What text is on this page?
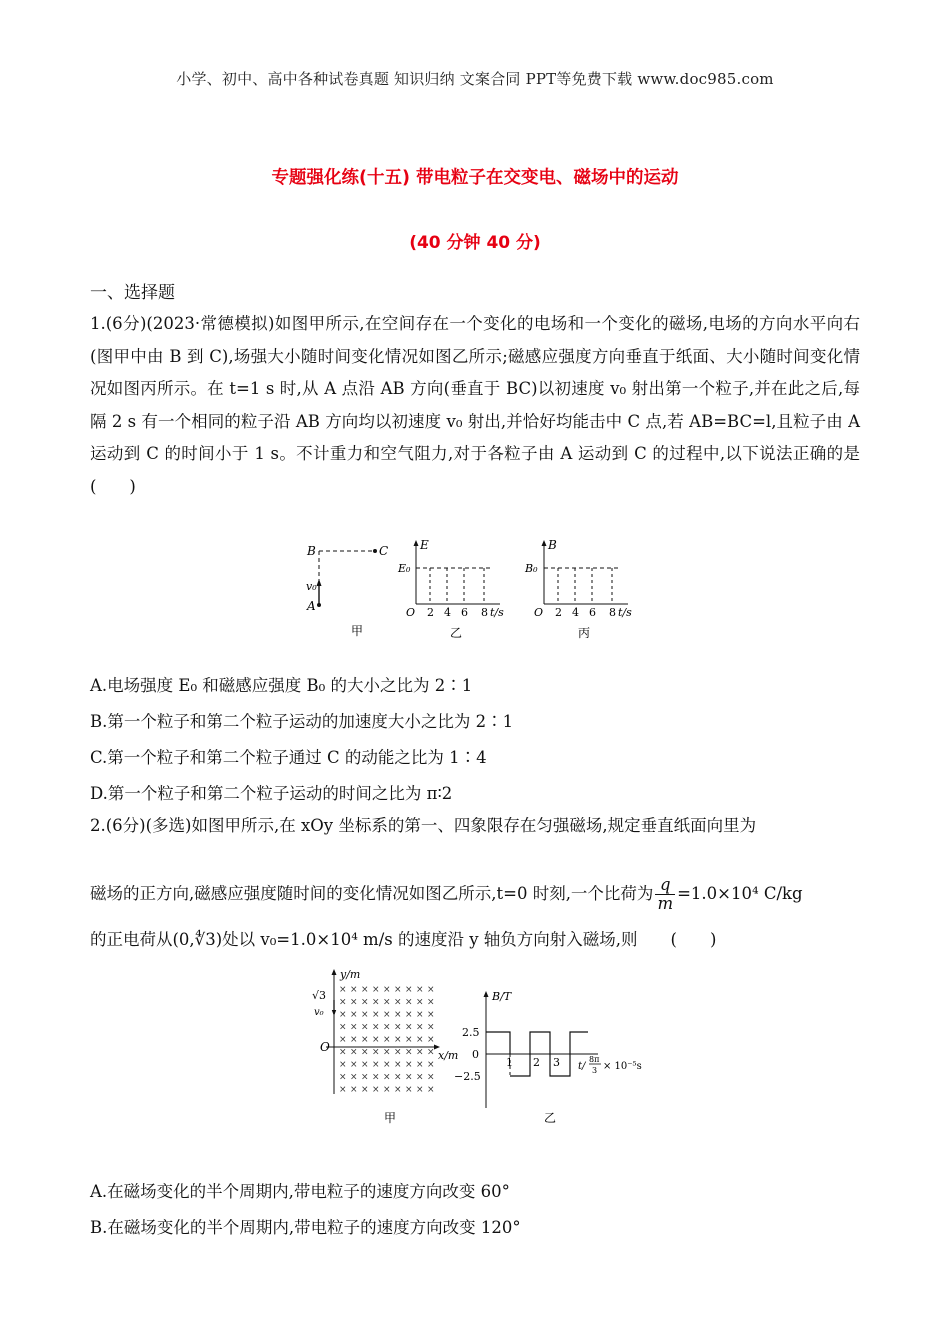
小学、初中、高中各种试卷真题 知识归纳 文案合同 PPT等免费下载 www.doc985.com
专题强化练(十五) 带电粒子在交变电、磁场中的运动
(40 分钟 40 分)
一、选择题
1.(6分)(2023·常德模拟)如图甲所示,在空间存在一个变化的电场和一个变化的磁场,电场的方向水平向右(图甲中由 B 到 C),场强大小随时间变化情况如图乙所示;磁感应强度方向垂直于纸面、大小随时间变化情况如图丙所示。在 t=1 s 时,从 A 点沿 AB 方向(垂直于 BC)以初速度 v₀ 射出第一个粒子,并在此之后,每隔 2 s 有一个相同的粒子沿 AB 方向均以初速度 v₀ 射出,并恰好均能击中 C 点,若 AB=BC=l,且粒子由 A 运动到 C 的时间小于 1 s。不计重力和空气阻力,对于各粒子由 A 运动到 C 的过程中,以下说法正确的是　　(　　)
B	C
v₀
A
甲
E
E₀
O 2 4 6 8 t/s
乙
B
B₀
O 2 4 6 8 t/s
丙
A.电场强度 E₀ 和磁感应强度 B₀ 的大小之比为 2∶1
B.第一个粒子和第二个粒子运动的加速度大小之比为 2∶1
C.第一个粒子和第二个粒子通过 C 的动能之比为 1∶4
D.第一个粒子和第二个粒子运动的时间之比为 π∶2
2.(6分)(多选)如图甲所示,在 xOy 坐标系的第一、四象限存在匀强磁场,规定垂直纸面向里为
磁场的正方向,磁感应强度随时间的变化情况如图乙所示,t=0 时刻,一个比荷为 $\frac{q}{m} =1.0\times 10^4$ C/kg
的正电荷从(0,∜3)处以 v₀=1.0×10⁴ m/s 的速度沿 y 轴负方向射入磁场,则　　(　　)
× × × × × × × × ×
× × × × × × × × ×
× × × × × × × × ×
× × × × × × × × ×
× × × × × × × × ×
× × × × × × × × ×
× × × × × × × × ×
× × × × × × × × ×
× × × × × × × × ×
y/m
√3
v₀
O
x/m
甲
B/T
2.5
0
−2.5
1 2 3 t/
8π
3 × 10⁻⁵s
乙
A.在磁场变化的半个周期内,带电粒子的速度方向改变 60°
B.在磁场变化的半个周期内,带电粒子的速度方向改变 120°
